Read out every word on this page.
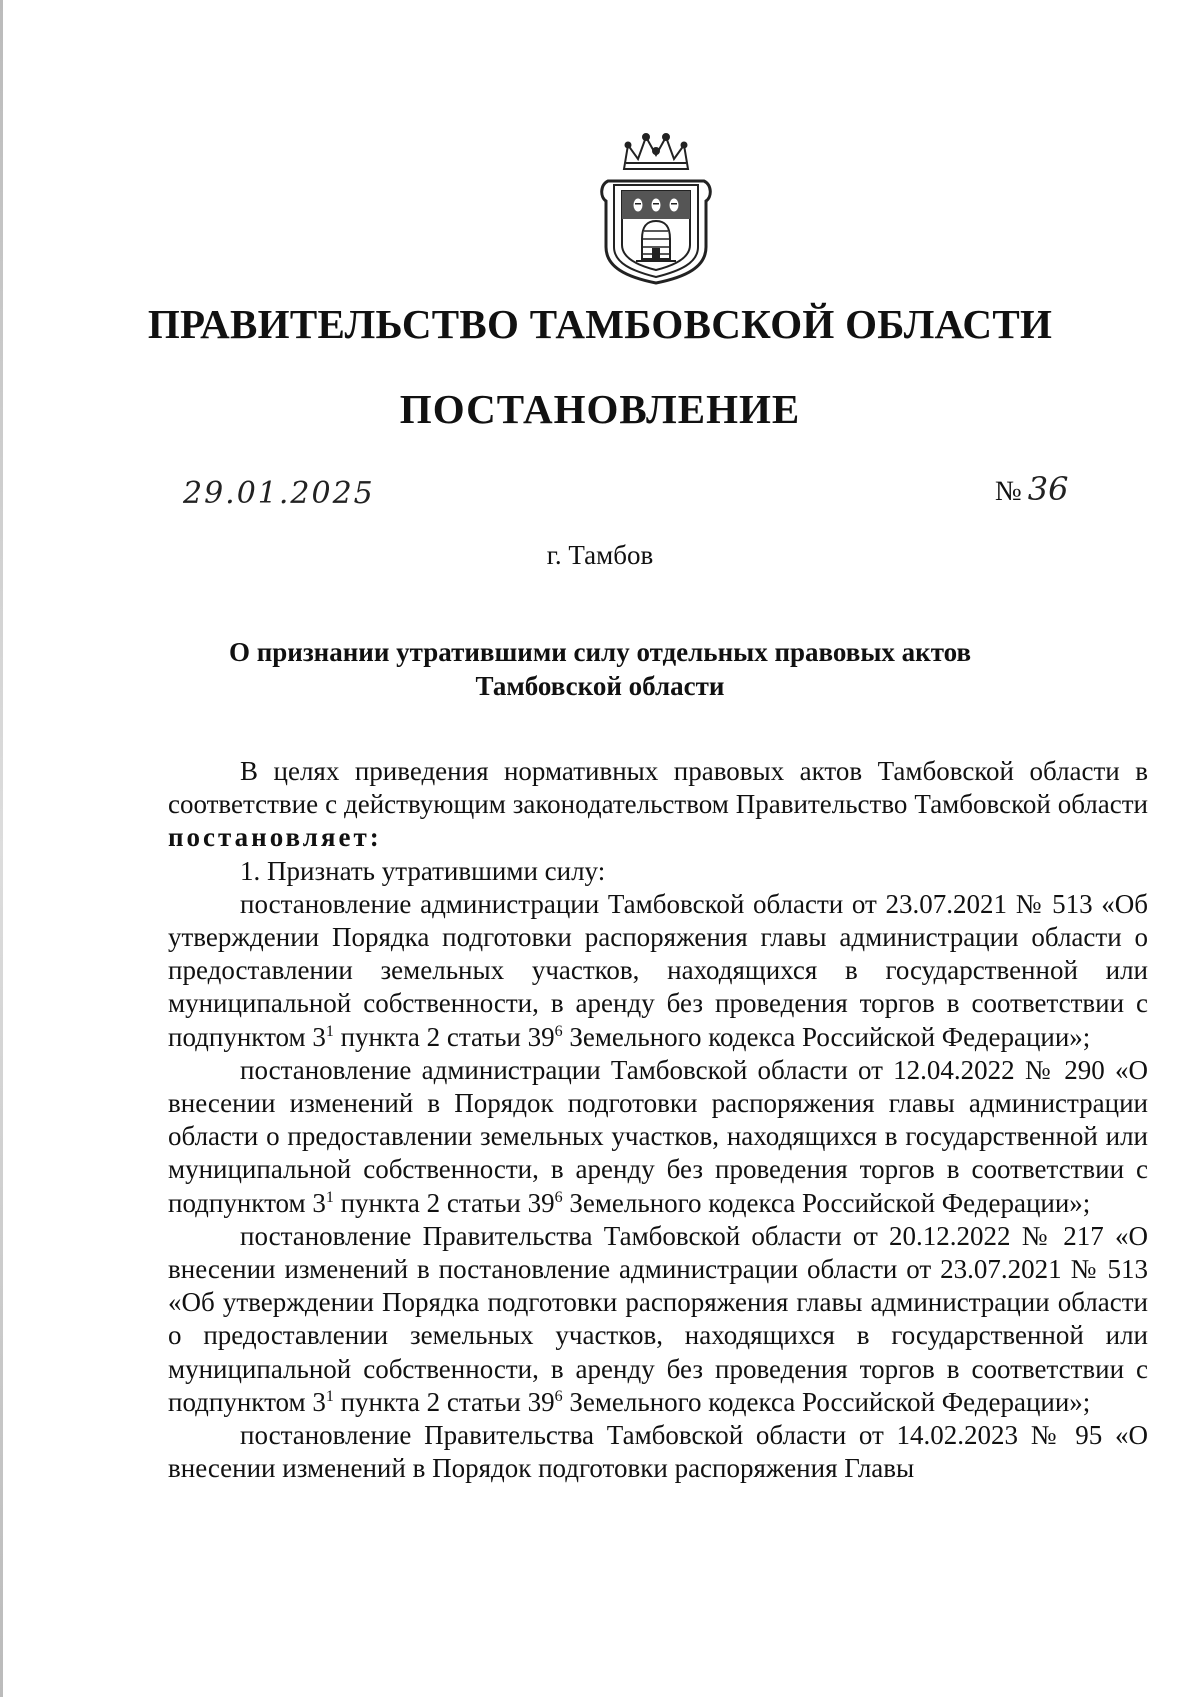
ПРАВИТЕЛЬСТВО ТАМБОВСКОЙ ОБЛАСТИ
ПОСТАНОВЛЕНИЕ
29.01.2025	№ 36
г. Тамбов
О признании утратившими силу отдельных правовых актов
Тамбовской области

В целях приведения нормативных правовых актов Тамбовской области в соответствие с действующим законодательством Правительство Тамбовской области постановляет:

1. Признать утратившими силу:

постановление администрации Тамбовской области от 23.07.2021 № 513 «Об утверждении Порядка подготовки распоряжения главы администрации области о предоставлении земельных участков, находящихся в государственной или муниципальной собственности, в аренду без проведения торгов в соответствии с подпунктом $3^1$ пункта 2 статьи $39^6$ Земельного кодекса Российской Федерации»;

постановление администрации Тамбовской области от 12.04.2022 № 290 «О внесении изменений в Порядок подготовки распоряжения главы администрации области о предоставлении земельных участков, находящихся в государственной или муниципальной собственности, в аренду без проведения торгов в соответствии с подпунктом $3^1$ пункта 2 статьи $39^6$ Земельного кодекса Российской Федерации»;

постановление Правительства Тамбовской области от 20.12.2022 № 217 «О внесении изменений в постановление администрации области от 23.07.2021 № 513 «Об утверждении Порядка подготовки распоряжения главы администрации области о предоставлении земельных участков, находящихся в государственной или муниципальной собственности, в аренду без проведения торгов в соответствии с подпунктом $3^1$ пункта 2 статьи $39^6$ Земельного кодекса Российской Федерации»;

постановление Правительства Тамбовской области от 14.02.2023 № 95 «О внесении изменений в Порядок подготовки распоряжения Главы
